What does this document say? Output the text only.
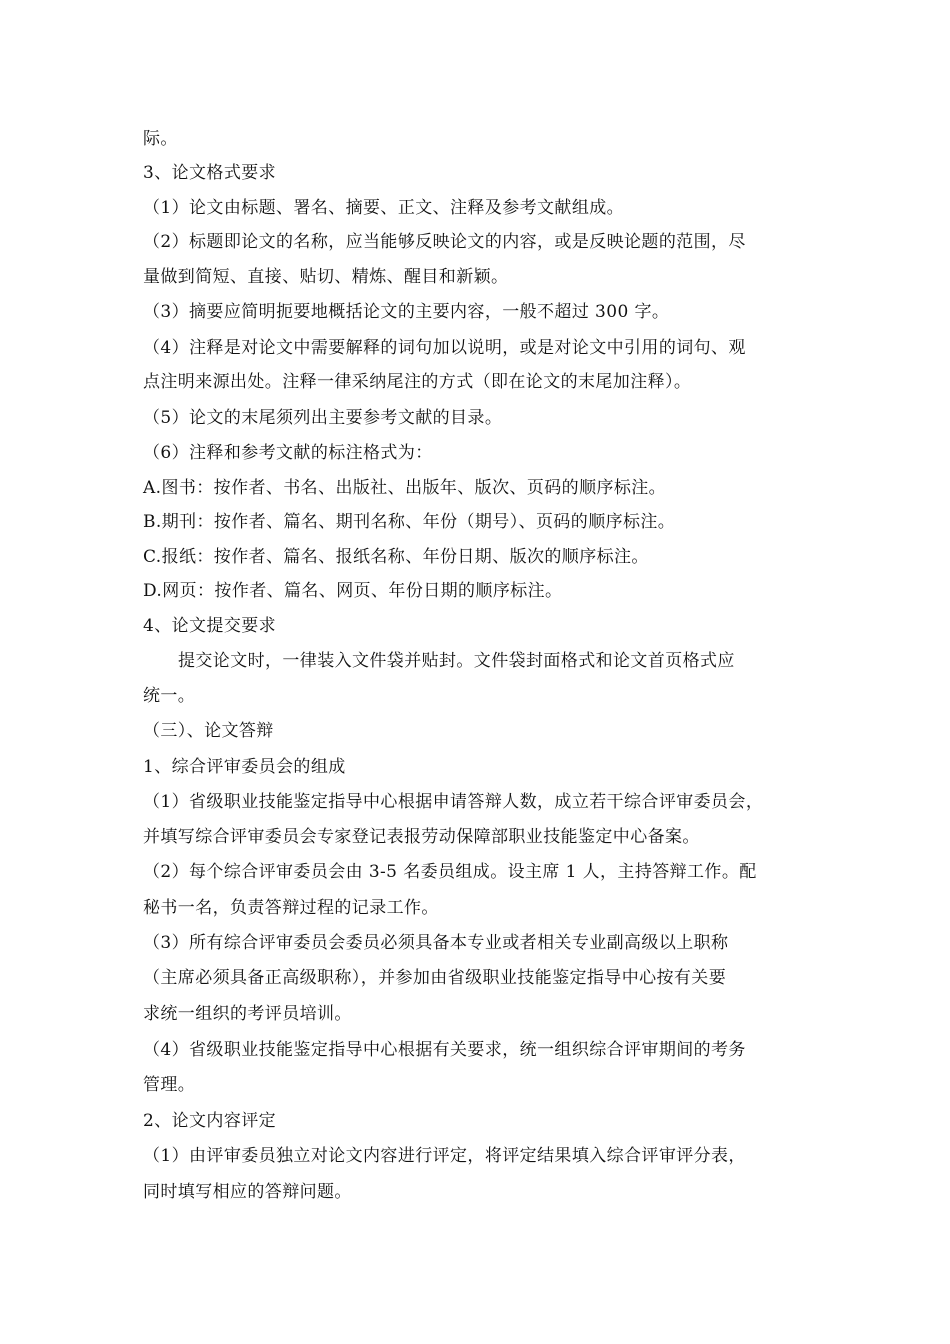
际。
3、论文格式要求
（1）论文由标题、署名、摘要、正文、注释及参考文献组成。
（2）标题即论文的名称，应当能够反映论文的内容，或是反映论题的范围，尽
量做到简短、直接、贴切、精炼、醒目和新颖。
（3）摘要应简明扼要地概括论文的主要内容，一般不超过 300 字。
（4）注释是对论文中需要解释的词句加以说明，或是对论文中引用的词句、观
点注明来源出处。注释一律采纳尾注的方式（即在论文的末尾加注释）。
（5）论文的末尾须列出主要参考文献的目录。
（6）注释和参考文献的标注格式为：
A.图书：按作者、书名、出版社、出版年、版次、页码的顺序标注。
B.期刊：按作者、篇名、期刊名称、年份（期号）、页码的顺序标注。
C.报纸：按作者、篇名、报纸名称、年份日期、版次的顺序标注。
D.网页：按作者、篇名、网页、年份日期的顺序标注。
4、论文提交要求
提交论文时，一律装入文件袋并贴封。文件袋封面格式和论文首页格式应
统一。
（三）、论文答辩
1、综合评审委员会的组成
（1）省级职业技能鉴定指导中心根据申请答辩人数，成立若干综合评审委员会，
并填写综合评审委员会专家登记表报劳动保障部职业技能鉴定中心备案。
（2）每个综合评审委员会由 3-5 名委员组成。设主席 1 人，主持答辩工作。配
秘书一名，负责答辩过程的记录工作。
（3）所有综合评审委员会委员必须具备本专业或者相关专业副高级以上职称
（主席必须具备正高级职称），并参加由省级职业技能鉴定指导中心按有关要
求统一组织的考评员培训。
（4）省级职业技能鉴定指导中心根据有关要求，统一组织综合评审期间的考务
管理。
2、论文内容评定
（1）由评审委员独立对论文内容进行评定，将评定结果填入综合评审评分表，
同时填写相应的答辩问题。
